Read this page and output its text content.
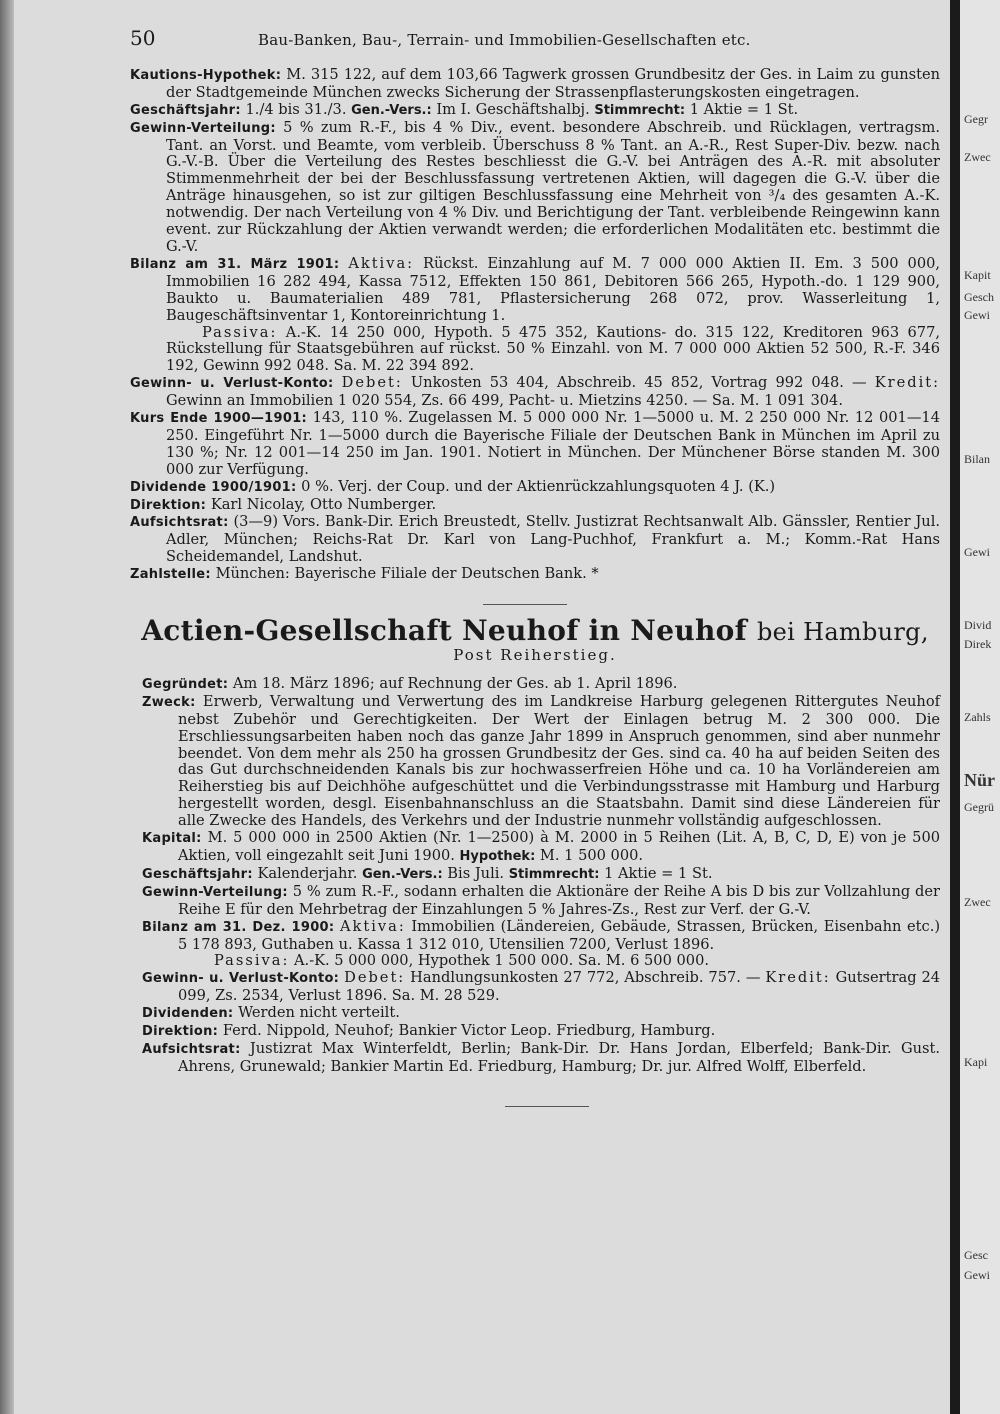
Gegr
Zwec
Kapit
Gesch
Gewi
Bilan
Gewi
Divid
Direk
Zahls
Nür
Gegrü
Zwec
Kapi
Gesc
Gewi
50	Bau-Banken, Bau-, Terrain- und Immobilien-Gesellschaften etc.

Kautions-Hypothek: M. 315 122, auf dem 103,66 Tagwerk grossen Grundbesitz der Ges. in Laim zu gunsten der Stadtgemeinde München zwecks Sicherung der Strassenpflasterungskosten eingetragen.

Geschäftsjahr: 1./4 bis 31./3. Gen.-Vers.: Im I. Geschäftshalbj. Stimmrecht: 1 Aktie = 1 St.

Gewinn-Verteilung: 5 % zum R.-F., bis 4 % Div., event. besondere Abschreib. und Rücklagen, vertragsm. Tant. an Vorst. und Beamte, vom verbleib. Überschuss 8 % Tant. an A.-R., Rest Super-Div. bezw. nach G.-V.-B. Über die Verteilung des Restes beschliesst die G.-V. bei Anträgen des A.-R. mit absoluter Stimmenmehrheit der bei der Beschlussfassung vertretenen Aktien, will dagegen die G.-V. über die Anträge hinausgehen, so ist zur giltigen Beschlussfassung eine Mehrheit von ³/₄ des gesamten A.-K. notwendig. Der nach Verteilung von 4 % Div. und Berichtigung der Tant. verbleibende Reingewinn kann event. zur Rückzahlung der Aktien verwandt werden; die erforderlichen Modalitäten etc. bestimmt die G.-V.

Bilanz am 31. März 1901: Aktiva: Rückst. Einzahlung auf M. 7 000 000 Aktien II. Em. 3 500 000, Immobilien 16 282 494, Kassa 7512, Effekten 150 861, Debitoren 566 265, Hypoth.-do. 1 129 900, Baukto u. Baumaterialien 489 781, Pflastersicherung 268 072, prov. Wasserleitung 1, Baugeschäftsinventar 1, Kontoreinrichtung 1.

Passiva: A.-K. 14 250 000, Hypoth. 5 475 352, Kautions- do. 315 122, Kreditoren 963 677, Rückstellung für Staatsgebühren auf rückst. 50 % Einzahl. von M. 7 000 000 Aktien 52 500, R.-F. 346 192, Gewinn 992 048. Sa. M. 22 394 892.

Gewinn- u. Verlust-Konto: Debet: Unkosten 53 404, Abschreib. 45 852, Vortrag 992 048. — Kredit: Gewinn an Immobilien 1 020 554, Zs. 66 499, Pacht- u. Mietzins 4250. — Sa. M. 1 091 304.

Kurs Ende 1900—1901: 143, 110 %. Zugelassen M. 5 000 000 Nr. 1—5000 u. M. 2 250 000 Nr. 12 001—14 250. Eingeführt Nr. 1—5000 durch die Bayerische Filiale der Deutschen Bank in München im April zu 130 %; Nr. 12 001—14 250 im Jan. 1901. Notiert in München. Der Münchener Börse standen M. 300 000 zur Verfügung.

Dividende 1900/1901: 0 %. Verj. der Coup. und der Aktienrückzahlungsquoten 4 J. (K.)

Direktion: Karl Nicolay, Otto Numberger.

Aufsichtsrat: (3—9) Vors. Bank-Dir. Erich Breustedt, Stellv. Justizrat Rechtsanwalt Alb. Gänssler, Rentier Jul. Adler, München; Reichs-Rat Dr. Karl von Lang-Puchhof, Frankfurt a. M.; Komm.-Rat Hans Scheidemandel, Landshut.

Zahlstelle: München: Bayerische Filiale der Deutschen Bank. *

Actien-Gesellschaft Neuhof in Neuhof bei Hamburg,
Post Reiherstieg.

Gegründet: Am 18. März 1896; auf Rechnung der Ges. ab 1. April 1896.

Zweck: Erwerb, Verwaltung und Verwertung des im Landkreise Harburg gelegenen Rittergutes Neuhof nebst Zubehör und Gerechtigkeiten. Der Wert der Einlagen betrug M. 2 300 000. Die Erschliessungsarbeiten haben noch das ganze Jahr 1899 in Anspruch genommen, sind aber nunmehr beendet. Von dem mehr als 250 ha grossen Grundbesitz der Ges. sind ca. 40 ha auf beiden Seiten des das Gut durchschneidenden Kanals bis zur hochwasserfreien Höhe und ca. 10 ha Vorländereien am Reiherstieg bis auf Deichhöhe aufgeschüttet und die Verbindungsstrasse mit Hamburg und Harburg hergestellt worden, desgl. Eisenbahnanschluss an die Staatsbahn. Damit sind diese Ländereien für alle Zwecke des Handels, des Verkehrs und der Industrie nunmehr vollständig aufgeschlossen.

Kapital: M. 5 000 000 in 2500 Aktien (Nr. 1—2500) à M. 2000 in 5 Reihen (Lit. A, B, C, D, E) von je 500 Aktien, voll eingezahlt seit Juni 1900. Hypothek: M. 1 500 000.

Geschäftsjahr: Kalenderjahr. Gen.-Vers.: Bis Juli. Stimmrecht: 1 Aktie = 1 St.

Gewinn-Verteilung: 5 % zum R.-F., sodann erhalten die Aktionäre der Reihe A bis D bis zur Vollzahlung der Reihe E für den Mehrbetrag der Einzahlungen 5 % Jahres-Zs., Rest zur Verf. der G.-V.

Bilanz am 31. Dez. 1900: Aktiva: Immobilien (Ländereien, Gebäude, Strassen, Brücken, Eisenbahn etc.) 5 178 893, Guthaben u. Kassa 1 312 010, Utensilien 7200, Verlust 1896.

Passiva: A.-K. 5 000 000, Hypothek 1 500 000. Sa. M. 6 500 000.

Gewinn- u. Verlust-Konto: Debet: Handlungsunkosten 27 772, Abschreib. 757. — Kredit: Gutsertrag 24 099, Zs. 2534, Verlust 1896. Sa. M. 28 529.

Dividenden: Werden nicht verteilt.

Direktion: Ferd. Nippold, Neuhof; Bankier Victor Leop. Friedburg, Hamburg.

Aufsichtsrat: Justizrat Max Winterfeldt, Berlin; Bank-Dir. Dr. Hans Jordan, Elberfeld; Bank-Dir. Gust. Ahrens, Grunewald; Bankier Martin Ed. Friedburg, Hamburg; Dr. jur. Alfred Wolff, Elberfeld.
